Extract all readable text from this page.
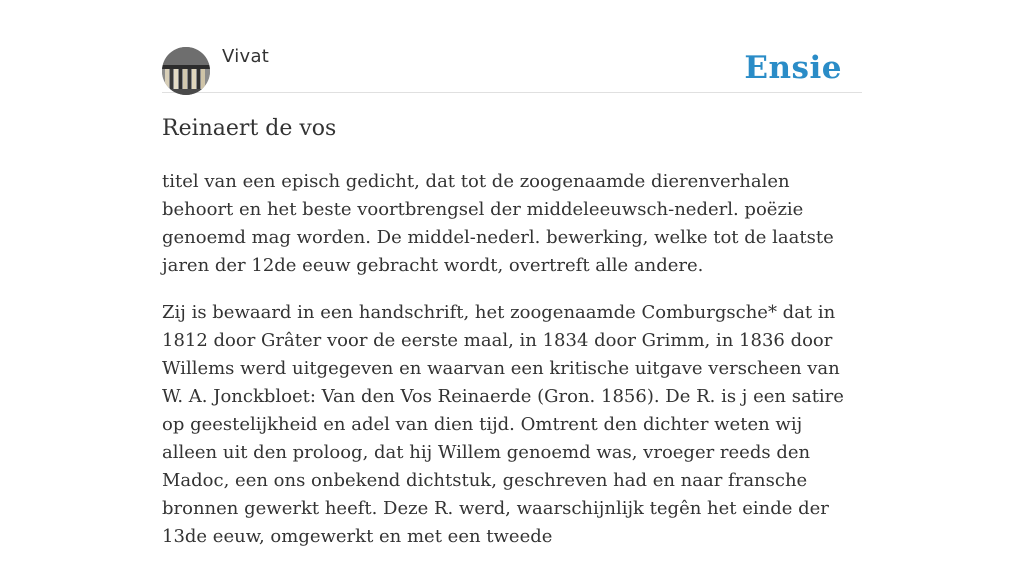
Vivat	Ensie
Reinaert de vos

titel van een episch gedicht, dat tot de zoogenaamde dierenverhalen behoort en het beste voortbrengsel der middeleeuwsch-nederl. poëzie genoemd mag worden. De middel-nederl. bewerking, welke tot de laatste jaren der 12de eeuw gebracht wordt, overtreft alle andere.

Zij is bewaard in een handschrift, het zoogenaamde Comburgsche* dat in 1812 door Grâter voor de eerste maal, in 1834 door Grimm, in 1836 door Willems werd uitgegeven en waarvan een kritische uitgave verscheen van W. A. Jonckbloet: Van den Vos Reinaerde (Gron. 1856). De R. is j een satire op geestelijkheid en adel van dien tijd. Omtrent den dichter weten wij alleen uit den proloog, dat hij Willem genoemd was, vroeger reeds den Madoc, een ons onbekend dichtstuk, geschreven had en naar fransche bronnen gewerkt heeft. Deze R. werd, waarschijnlijk tegên het einde der 13de eeuw, omgewerkt en met een tweede
